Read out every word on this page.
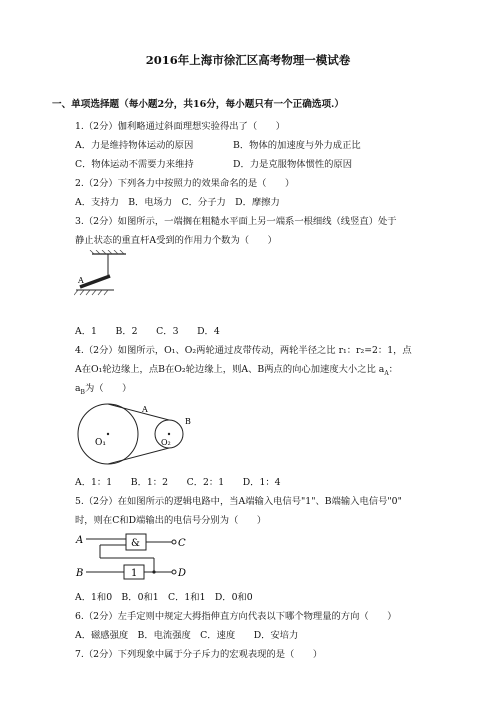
2016年上海市徐汇区高考物理一模试卷
一、单项选择题（每小题2分，共16分，每小题只有一个正确选项.）
1.（2分）伽利略通过斜面理想实验得出了（　　）
A．力是维持物体运动的原因	B．物体的加速度与外力成正比
C．物体运动不需要力来维持	D．力是克服物体惯性的原因
2.（2分）下列各力中按照力的效果命名的是（　　）
A．支持力　B．电场力　C．分子力　D．摩擦力
3.（2分）如图所示，一端搁在粗糙水平面上另一端系一根细线（线竖直）处于
静止状态的重直杆A受到的作用力个数为（　　）
A
A．1　　B．2　　C．3　　D．4
4.（2分）如图所示，O₁、O₂两轮通过皮带传动，两轮半径之比 r₁：r₂=2：1，点
A在O₁轮边缘上，点B在O₂轮边缘上，则A、B两点的向心加速度大小之比 $a_A$：
$a_B$为（　　）
O₁	O₂
A
B
A．1：1　　B．1：2　　C．2：1　　D．1：4
5.（2分）在如图所示的逻辑电路中，当A端输入电信号"1"、B端输入电信号"0"
时，则在C和D端输出的电信号分别为（　　）
A
B
&	C
1	D
A．1和0　B．0和1　C．1和1　D．0和0
6.（2分）左手定则中规定大拇指伸直方向代表以下哪个物理量的方向（　　）
A．磁感强度　B．电流强度　C．速度　　D．安培力
7.（2分）下列现象中属于分子斥力的宏观表现的是（　　）
